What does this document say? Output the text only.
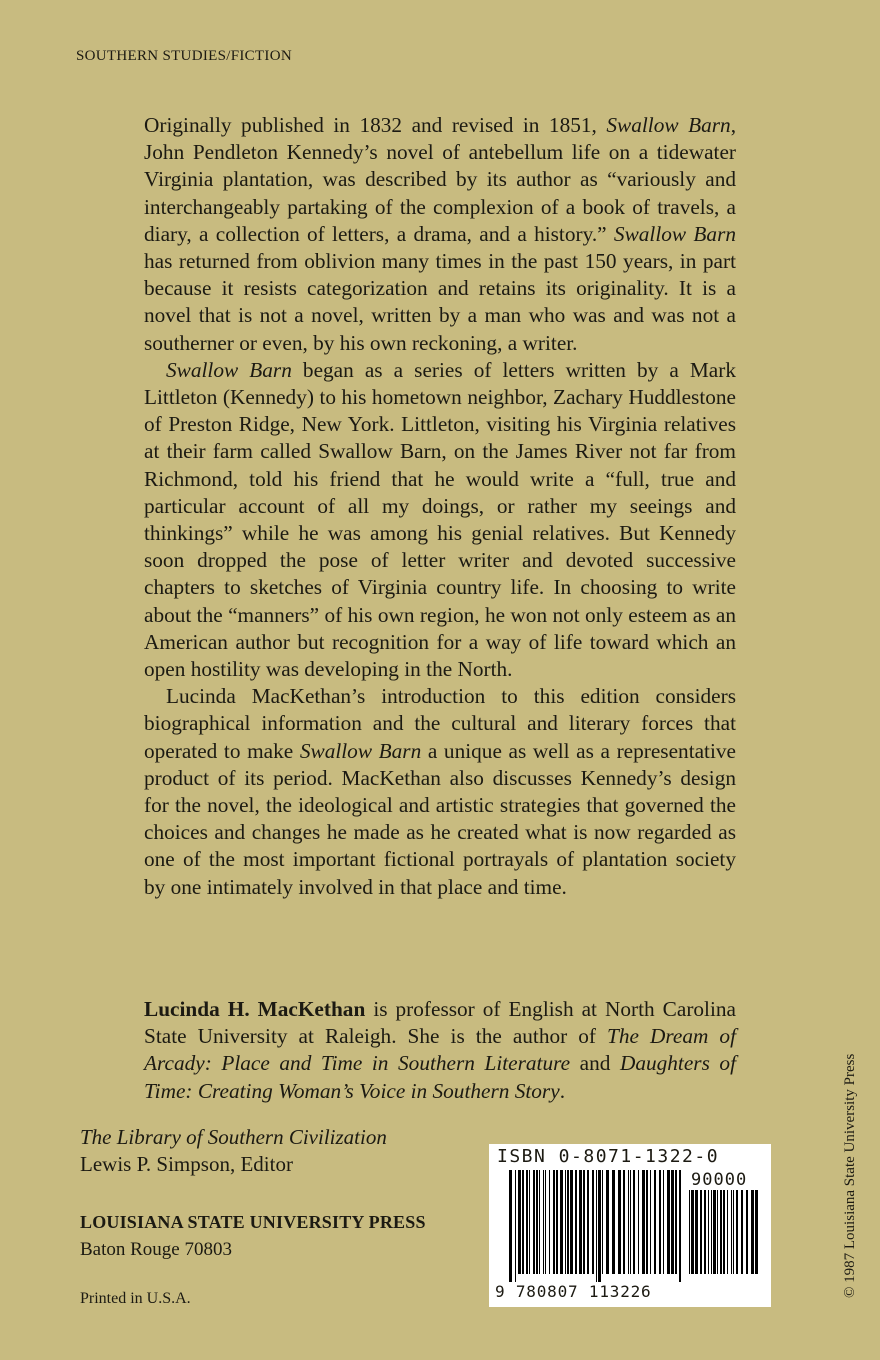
SOUTHERN STUDIES/FICTION

Originally published in 1832 and revised in 1851, Swallow Barn, John Pendleton Kennedy’s novel of antebellum life on a tidewater Virginia plantation, was described by its author as “variously and interchangeably partaking of the complexion of a book of travels, a diary, a collection of letters, a drama, and a history.” Swallow Barn has returned from oblivion many times in the past 150 years, in part because it resists categorization and retains its originality. It is a novel that is not a novel, written by a man who was and was not a southerner or even, by his own reckoning, a writer.

Swallow Barn began as a series of letters written by a Mark Littleton (Kennedy) to his hometown neighbor, Zachary Huddlestone of Preston Ridge, New York. Littleton, visiting his Virginia relatives at their farm called Swallow Barn, on the James River not far from Richmond, told his friend that he would write a “full, true and particular account of all my doings, or rather my seeings and thinkings” while he was among his genial relatives. But Kennedy soon dropped the pose of letter writer and devoted successive chapters to sketches of Virginia country life. In choosing to write about the “manners” of his own region, he won not only esteem as an American author but recognition for a way of life toward which an open hostility was developing in the North.

Lucinda MacKethan’s introduction to this edition considers biographical information and the cultural and literary forces that operated to make Swallow Barn a unique as well as a representative product of its period. MacKethan also discusses Kennedy’s design for the novel, the ideological and artistic strategies that governed the choices and changes he made as he created what is now regarded as one of the most important fictional portrayals of plantation society by one intimately involved in that place and time.

Lucinda H. MacKethan is professor of English at North Carolina State University at Raleigh. She is the author of The Dream of Arcady: Place and Time in Southern Literature and Daughters of Time: Creating Woman’s Voice in Southern Story.
The Library of Southern Civilization
Lewis P. Simpson, Editor
LOUISIANA STATE UNIVERSITY PRESS
Baton Rouge 70803
Printed in U.S.A.
© 1987 Louisiana State University Press
ISBN 0-8071-1322-0
90000
9 780807 113226
